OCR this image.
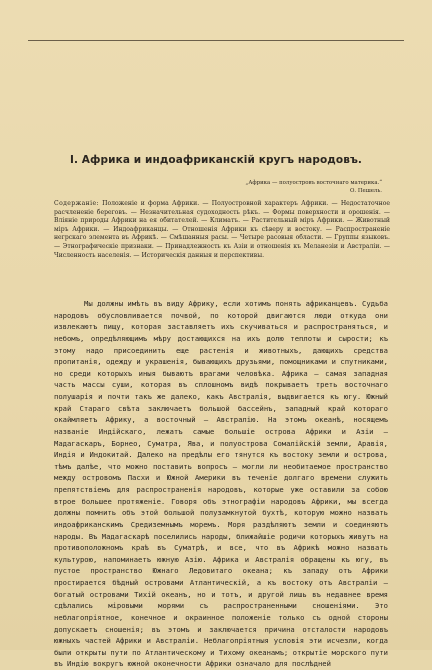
I. Африка и индоафриканскій кругъ народовъ.
„Африка — полуостровъ восточнаго материка.“
О. Пешель.
Содержаніе: Положеніе и форма Африки. — Полуостровной характеръ Африки. — Недостаточное расчлененіе береговъ. — Незначительная судоходность рѣкъ. — Формы поверхности и орошенія. — Вліяніе природы Африки на ея обитателей. — Климатъ. — Растительный міръ Африки. — Животный міръ Африки. — Индоафриканцы. — Отношенія Африки къ сѣверу и востоку. — Распространеніе негрскаго элемента въ Африкѣ. — Смѣшанныя расы. — Четыре расовыя области. — Группы языковъ. — Этнографическіе признаки. — Принадлежность къ Азіи и отношенія къ Меланезіи и Австраліи. — Численность населенія. — Историческія данныя и перспективы.
Мы должны имѣть въ виду Африку, если хотимъ понять африканцевъ. Судьба народовъ обусловливается почвой, по которой двигаются люди откуда они извлекаютъ пищу, которая заставляетъ ихъ скучиваться и распространяться, и небомъ, опредѣляющимъ мѣру достающихся на ихъ долю теплоты и сырости; къ этому надо присоединить еще растенія и животныхъ, дающихъ средства пропитанія, одежду и украшенія, бывающихъ друзьями, помощниками и спутниками, но среди которыхъ иныя бываютъ врагами человѣка. Африка — самая западная часть массы суши, которая въ сплошномъ видѣ покрываетъ треть восточнаго полушарія и почти такъ же далеко, какъ Австралія, выдвигается къ югу. Южный край Стараго свѣта заключаетъ большой бассейнъ, западный край котораго окаймляетъ Африку, а восточный — Австралію. На этомъ океанѣ, носящемъ названіе Индійскаго, лежатъ самые большіе острова Африки и Азіи — Мадагаскаръ, Борнео, Суматра, Ява, и полуострова Сомалійскій земли, Аравія, Индія и Индокитай. Далеко на предѣлы его тянутся къ востоку земли и острова, тѣмъ далѣе, что можно поставить вопросъ — могли ли необитаемое пространство между островомъ Пасхи и Южной Америки въ теченіе долгаго времени служить препятствіемъ для распространенія народовъ, которые уже оставили за собою втрое большее протяженіе. Говоря объ этнографіи народовъ Африки, мы всегда должны помнить объ этой большой полузамкнутой бухтѣ, которую можно назвать индоафриканскимъ Средиземнымъ моремъ. Моря раздѣляютъ земли и соединяютъ народы. Въ Мадагаскарѣ поселились народы, ближайшіе родичи которыхъ живутъ на противоположномъ краѣ въ Суматрѣ, и все, что въ Африкѣ можно назвать культурою, напоминаетъ южную Азію. Африка и Австралія обращены къ югу, въ пустое пространство Южнаго Ледовитаго океана; къ западу отъ Африки простирается бѣдный островами Атлантическій, а къ востоку отъ Австраліи — богатый островами Тихій океанъ, но и тотъ, и другой лишь въ недавнее время сдѣлались міровыми морями съ распространенными сношеніями. Это неблагопріятное, конечное и окраинное положеніе только съ одной стороны допускаетъ сношенія; въ этомъ и заключается причина отсталости народовъ южныхъ частей Африки и Австраліи. Неблагопріятныя условія эти исчезли, когда были открыты пути по Атлантическому и Тихому океанамъ; открытіе морского пути въ Индію вокругъ южной оконечности Африки означало для послѣдней
